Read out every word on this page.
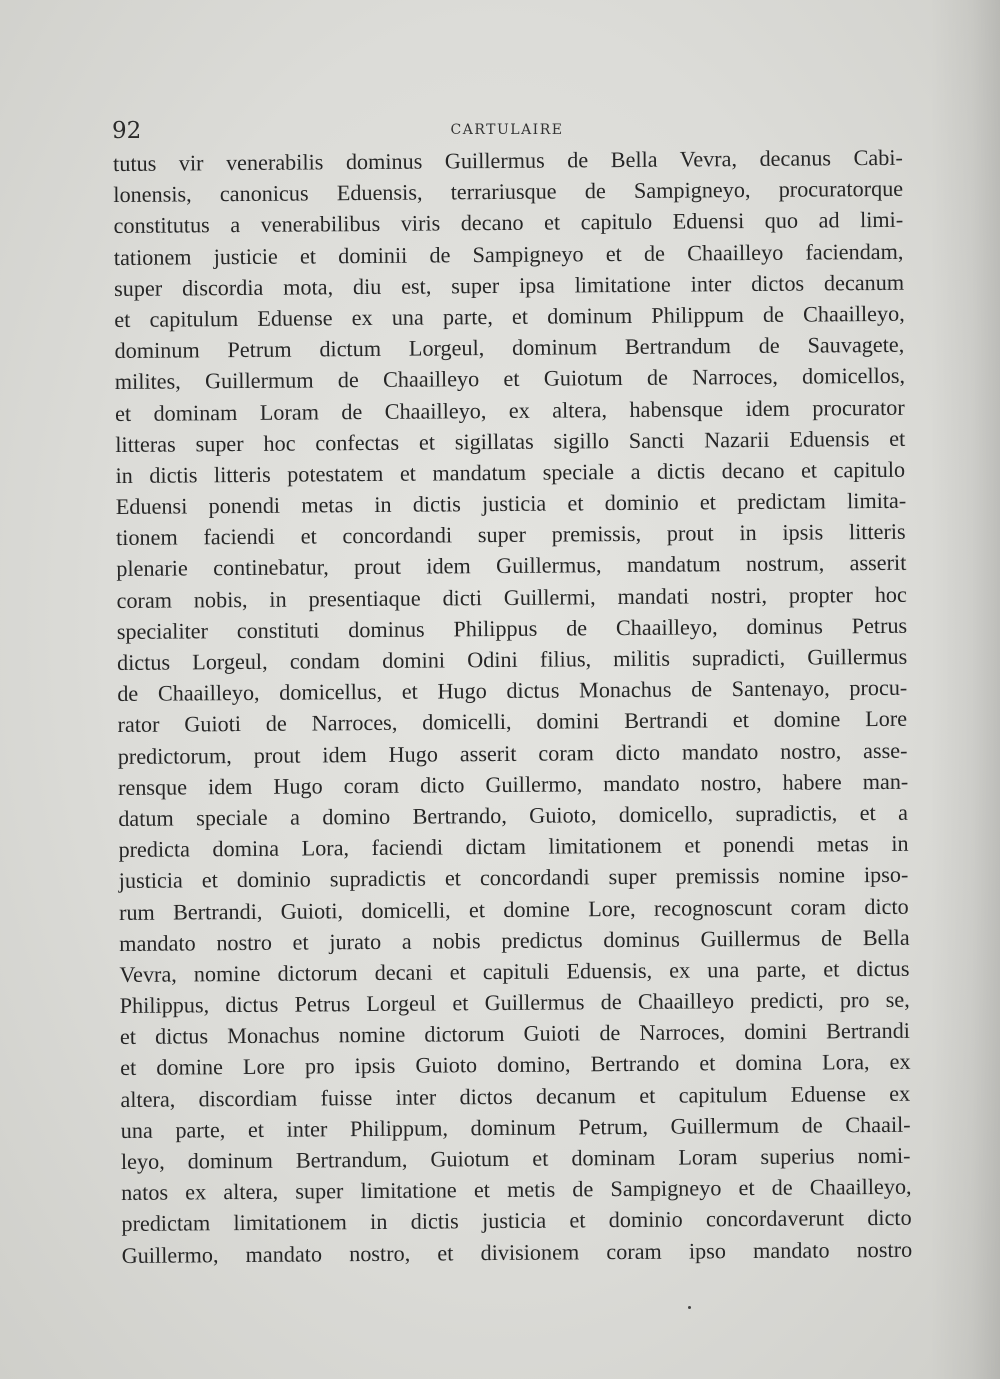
92	CARTULAIRE
tutus vir venerabilis dominus Guillermus de Bella Vevra, decanus Cabi-
lonensis, canonicus Eduensis, terrariusque de Sampigneyo, procuratorque
constitutus a venerabilibus viris decano et capitulo Eduensi quo ad limi-
tationem justicie et dominii de Sampigneyo et de Chaailleyo faciendam,
super discordia mota, diu est, super ipsa limitatione inter dictos decanum
et capitulum Eduense ex una parte, et dominum Philippum de Chaailleyo,
dominum Petrum dictum Lorgeul, dominum Bertrandum de Sauvagete,
milites, Guillermum de Chaailleyo et Guiotum de Narroces, domicellos,
et dominam Loram de Chaailleyo, ex altera, habensque idem procurator
litteras super hoc confectas et sigillatas sigillo Sancti Nazarii Eduensis et
in dictis litteris potestatem et mandatum speciale a dictis decano et capitulo
Eduensi ponendi metas in dictis justicia et dominio et predictam limita-
tionem faciendi et concordandi super premissis, prout in ipsis litteris
plenarie continebatur, prout idem Guillermus, mandatum nostrum, asserit
coram nobis, in presentiaque dicti Guillermi, mandati nostri, propter hoc
specialiter constituti dominus Philippus de Chaailleyo, dominus Petrus
dictus Lorgeul, condam domini Odini filius, militis supradicti, Guillermus
de Chaailleyo, domicellus, et Hugo dictus Monachus de Santenayo, procu-
rator Guioti de Narroces, domicelli, domini Bertrandi et domine Lore
predictorum, prout idem Hugo asserit coram dicto mandato nostro, asse-
rensque idem Hugo coram dicto Guillermo, mandato nostro, habere man-
datum speciale a domino Bertrando, Guioto, domicello, supradictis, et a
predicta domina Lora, faciendi dictam limitationem et ponendi metas in
justicia et dominio supradictis et concordandi super premissis nomine ipso-
rum Bertrandi, Guioti, domicelli, et domine Lore, recognoscunt coram dicto
mandato nostro et jurato a nobis predictus dominus Guillermus de Bella
Vevra, nomine dictorum decani et capituli Eduensis, ex una parte, et dictus
Philippus, dictus Petrus Lorgeul et Guillermus de Chaailleyo predicti, pro se,
et dictus Monachus nomine dictorum Guioti de Narroces, domini Bertrandi
et domine Lore pro ipsis Guioto domino, Bertrando et domina Lora, ex
altera, discordiam fuisse inter dictos decanum et capitulum Eduense ex
una parte, et inter Philippum, dominum Petrum, Guillermum de Chaail-
leyo, dominum Bertrandum, Guiotum et dominam Loram superius nomi-
natos ex altera, super limitatione et metis de Sampigneyo et de Chaailleyo,
predictam limitationem in dictis justicia et dominio concordaverunt dicto
Guillermo, mandato nostro, et divisionem coram ipso mandato nostro
